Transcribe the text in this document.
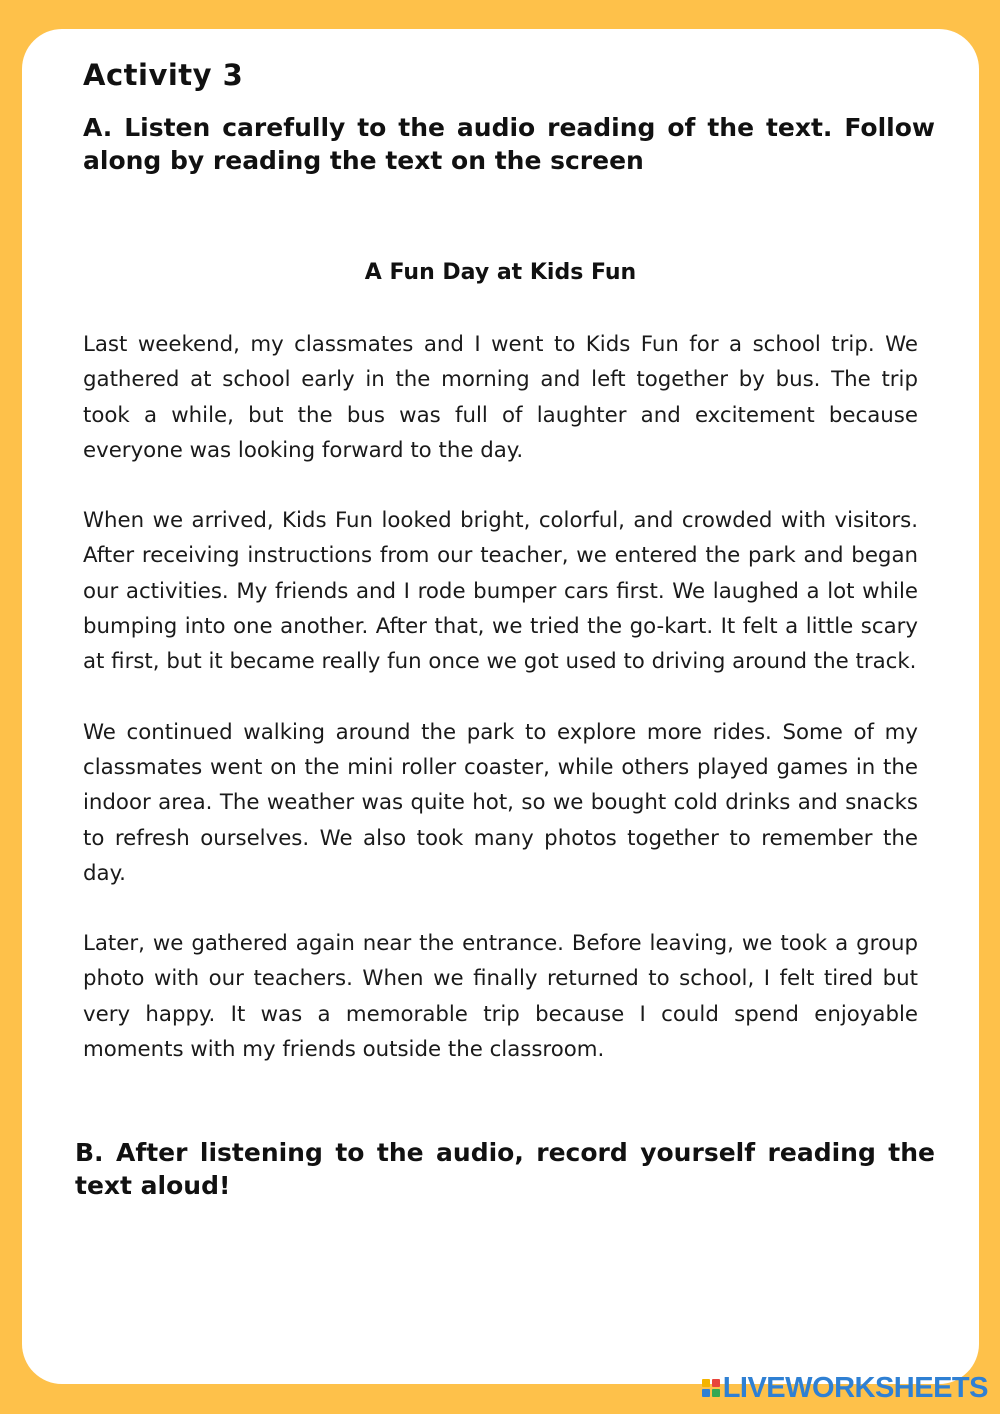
Activity 3

A. Listen carefully to the audio reading of the text. Follow along by reading the text on the screen

A Fun Day at Kids Fun

Last weekend, my classmates and I went to Kids Fun for a school trip. We gathered at school early in the morning and left together by bus. The trip took a while, but the bus was full of laughter and excitement because everyone was looking forward to the day.

When we arrived, Kids Fun looked bright, colorful, and crowded with visitors. After receiving instructions from our teacher, we entered the park and began our activities. My friends and I rode bumper cars first. We laughed a lot while bumping into one another. After that, we tried the go-kart. It felt a little scary at first, but it became really fun once we got used to driving around the track.

We continued walking around the park to explore more rides. Some of my classmates went on the mini roller coaster, while others played games in the indoor area. The weather was quite hot, so we bought cold drinks and snacks to refresh ourselves. We also took many photos together to remember the day.

Later, we gathered again near the entrance. Before leaving, we took a group photo with our teachers. When we finally returned to school, I felt tired but very happy. It was a memorable trip because I could spend enjoyable moments with my friends outside the classroom.

B. After listening to the audio, record yourself reading the text aloud!

LIVEWORKSHEETS
